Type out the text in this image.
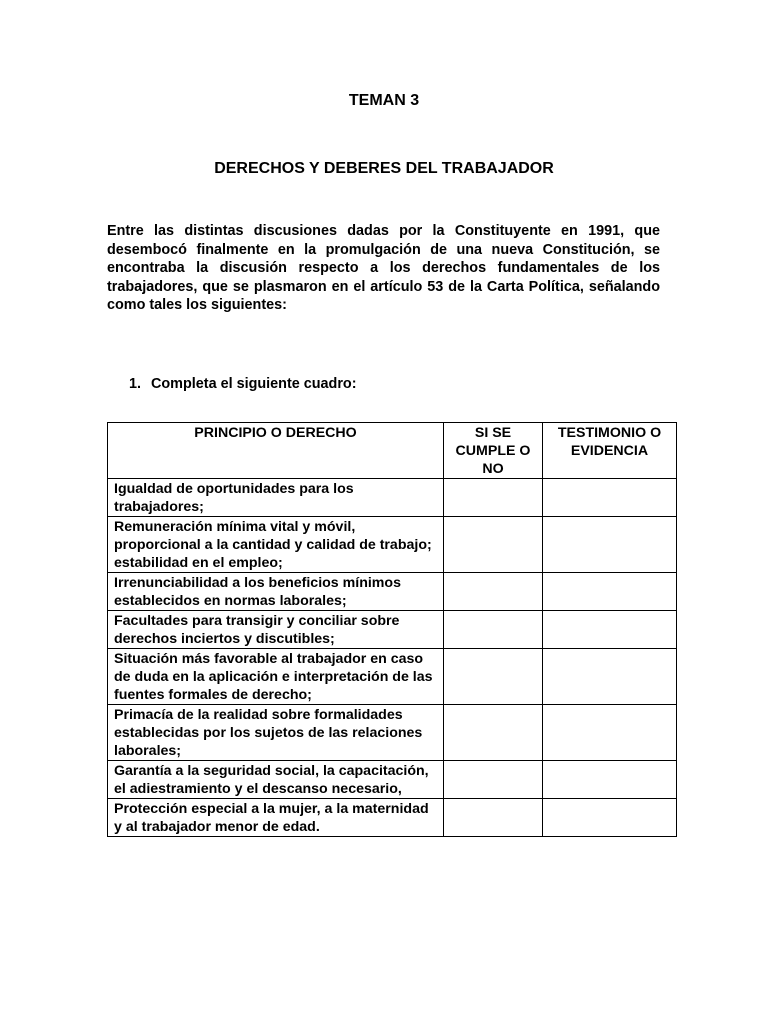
TEMAN 3
DERECHOS Y DEBERES DEL TRABAJADOR

Entre las distintas discusiones dadas por la Constituyente en 1991, que desembocó finalmente en la promulgación de una nueva Constitución, se encontraba la discusión respecto a los derechos fundamentales de los trabajadores, que se plasmaron en el artículo 53 de la Carta Política, señalando como tales los siguientes:

1. Completa el siguiente cuadro:

PRINCIPIO O DERECHO	SI SE CUMPLE O NO	TESTIMONIO O EVIDENCIA
Igualdad de oportunidades para los trabajadores;		
Remuneración mínima vital y móvil, proporcional a la cantidad y calidad de trabajo; estabilidad en el empleo;		
Irrenunciabilidad a los beneficios mínimos establecidos en normas laborales;		
Facultades para transigir y conciliar sobre derechos inciertos y discutibles;		
Situación más favorable al trabajador en caso de duda en la aplicación e interpretación de las fuentes formales de derecho;		
Primacía de la realidad sobre formalidades establecidas por los sujetos de las relaciones laborales;		
Garantía a la seguridad social, la capacitación, el adiestramiento y el descanso necesario,		
Protección especial a la mujer, a la maternidad y al trabajador menor de edad.		
